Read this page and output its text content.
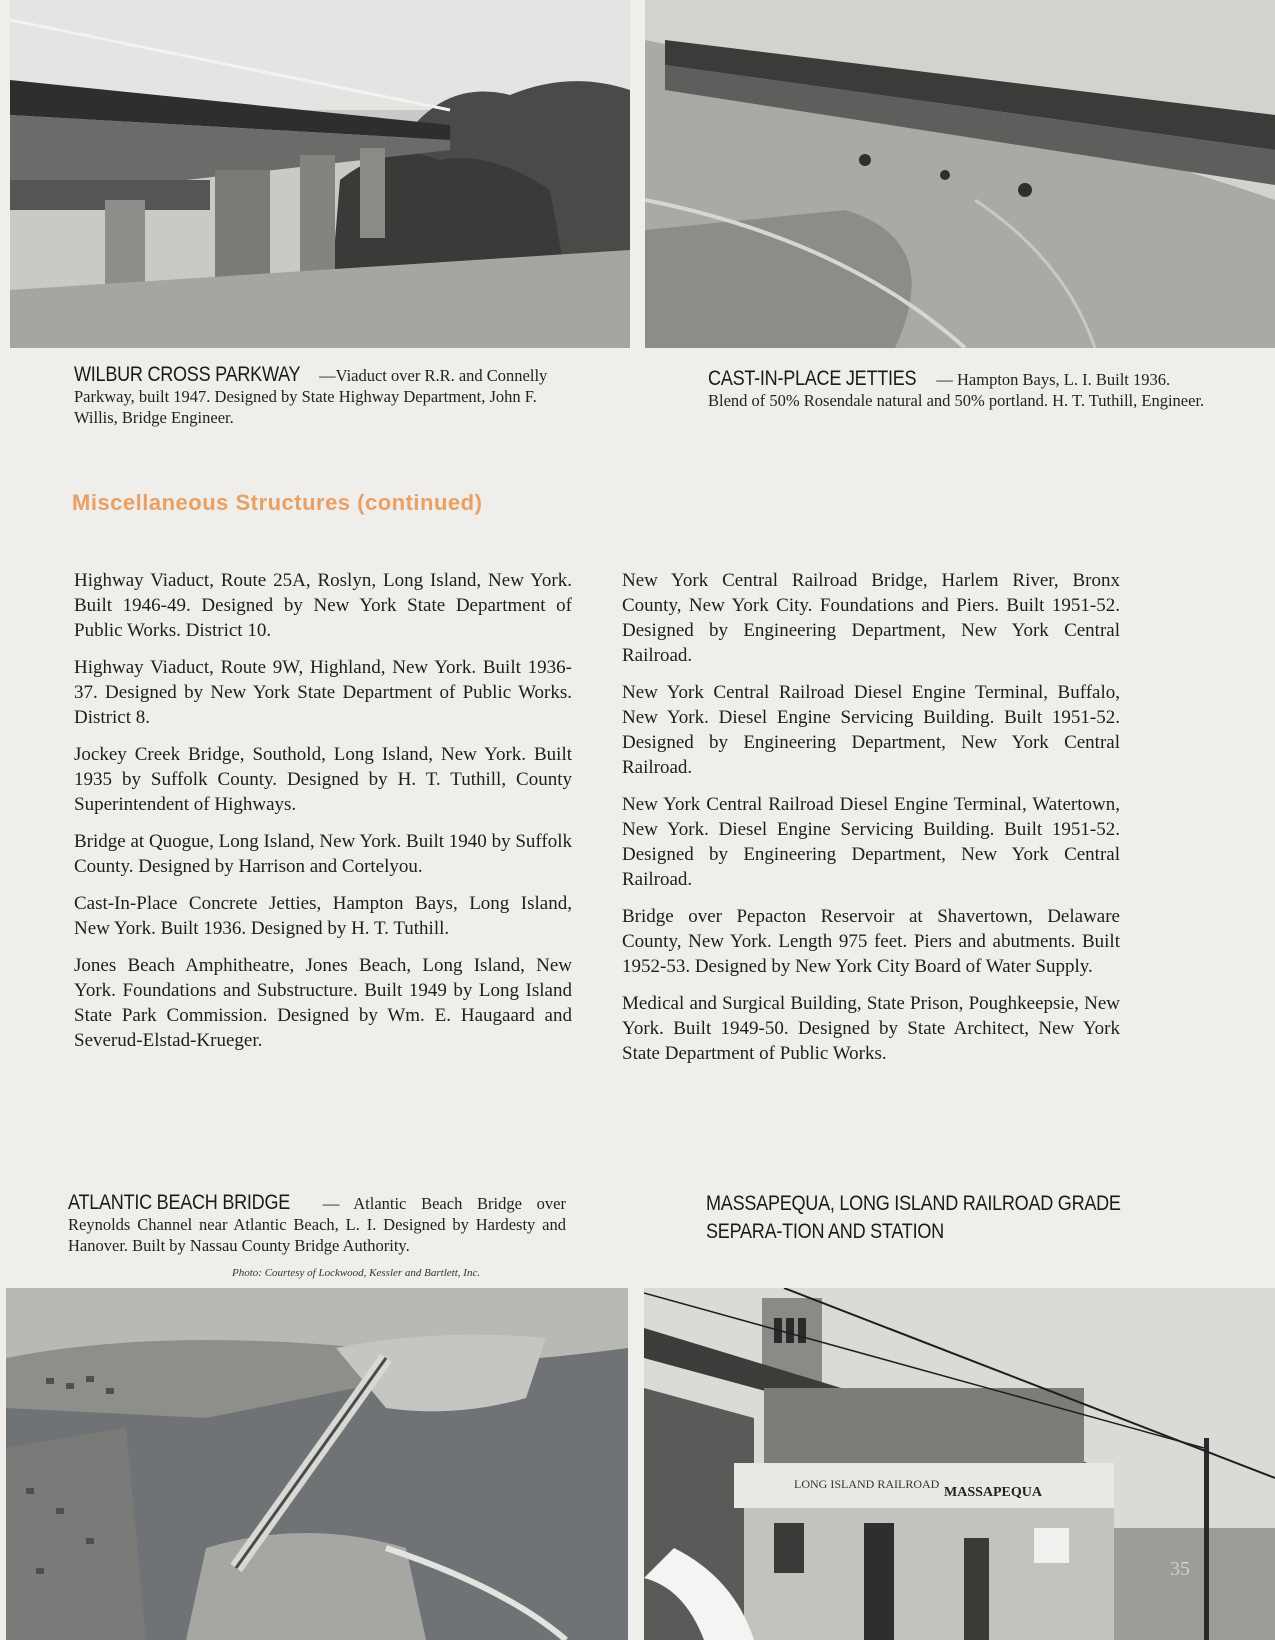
WILBUR CROSS PARKWAY —Viaduct over R.R. and Connelly Parkway, built 1947. Designed by State Highway Department, John F. Willis, Bridge Engineer.
CAST-IN-PLACE JETTIES — Hampton Bays, L. I. Built 1936. Blend of 50% Rosendale natural and 50% portland. H. T. Tuthill, Engineer.
Miscellaneous Structures (continued)

Highway Viaduct, Route 25A, Roslyn, Long Island, New York. Built 1946-49. Designed by New York State Department of Public Works. District 10.

Highway Viaduct, Route 9W, Highland, New York. Built 1936-37. Designed by New York State Department of Public Works. District 8.

Jockey Creek Bridge, Southold, Long Island, New York. Built 1935 by Suffolk County. Designed by H. T. Tuthill, County Superintendent of Highways.

Bridge at Quogue, Long Island, New York. Built 1940 by Suffolk County. Designed by Harrison and Cortelyou.

Cast-In-Place Concrete Jetties, Hampton Bays, Long Island, New York. Built 1936. Designed by H. T. Tuthill.

Jones Beach Amphitheatre, Jones Beach, Long Island, New York. Foundations and Substructure. Built 1949 by Long Island State Park Commission. Designed by Wm. E. Haugaard and Severud-Elstad-Krueger.

New York Central Railroad Bridge, Harlem River, Bronx County, New York City. Foundations and Piers. Built 1951-52. Designed by Engineering Department, New York Central Railroad.

New York Central Railroad Diesel Engine Terminal, Buffalo, New York. Diesel Engine Servicing Building. Built 1951-52. Designed by Engineering Department, New York Central Railroad.

New York Central Railroad Diesel Engine Terminal, Watertown, New York. Diesel Engine Servicing Building. Built 1951-52. Designed by Engineering Department, New York Central Railroad.

Bridge over Pepacton Reservoir at Shavertown, Delaware County, New York. Length 975 feet. Piers and abutments. Built 1952-53. Designed by New York City Board of Water Supply.

Medical and Surgical Building, State Prison, Poughkeepsie, New York. Built 1949-50. Designed by State Architect, New York State Department of Public Works.

ATLANTIC BEACH BRIDGE — Atlantic Beach Bridge over Reynolds Channel near Atlantic Beach, L. I. Designed by Hardesty and Hanover. Built by Nassau County Bridge Authority.
Photo: Courtesy of Lockwood, Kessler and Bartlett, Inc.
MASSAPEQUA, LONG ISLAND RAILROAD GRADE SEPARA-TION AND STATION
LONG ISLAND RAILROAD
MASSAPEQUA
35
